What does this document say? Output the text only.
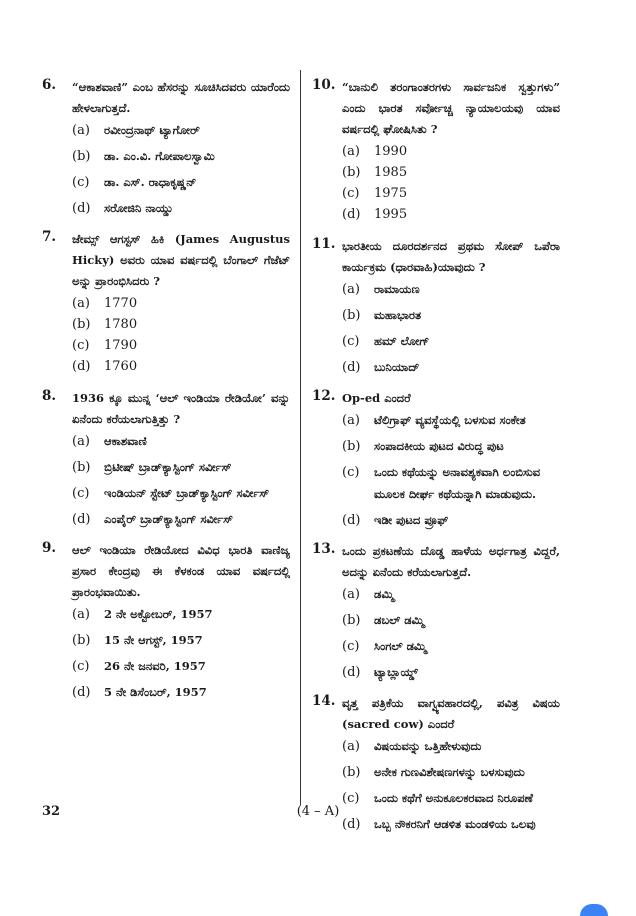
6. “ಆಕಾಶವಾಣಿ” ಎಂಬ ಹೆಸರನ್ನು ಸೂಚಿಸಿದವರು ಯಾರೆಂದು ಹೇಳಲಾಗುತ್ತದೆ.
(a)	ರವೀಂದ್ರನಾಥ್ ಟ್ಯಾಗೋರ್
(b)	ಡಾ. ಎಂ.ವಿ. ಗೋಪಾಲಸ್ವಾಮಿ
(c)	ಡಾ. ಎಸ್. ರಾಧಾಕೃಷ್ಣನ್
(d)	ಸರೋಜಿನಿ ನಾಯ್ಡು
7. ಜೇಮ್ಸ್ ಆಗಸ್ಟಸ್ ಹಿಕಿ (James Augustus Hicky) ಅವರು ಯಾವ ವರ್ಷದಲ್ಲಿ ಬೆಂಗಾಲ್ ಗೆಜೆಟ್ ಅನ್ನು ಪ್ರಾರಂಭಿಸಿದರು ?
(a)	1770
(b)	1780
(c)	1790
(d)	1760
8. 1936 ಕ್ಕೂ ಮುನ್ನ ‘ಆಲ್ ಇಂಡಿಯಾ ರೇಡಿಯೋ’ ವನ್ನು ಏನೆಂದು ಕರೆಯಲಾಗುತ್ತಿತ್ತು ?
(a)	ಆಕಾಶವಾಣಿ
(b)	ಬ್ರಿಟೀಷ್ ಬ್ರಾಡ್‌ಕ್ಯಾಸ್ಟಿಂಗ್ ಸರ್ವೀಸ್
(c)	ಇಂಡಿಯನ್ ಸ್ಟೇಟ್ ಬ್ರಾಡ್‌ಕ್ಯಾಸ್ಟಿಂಗ್ ಸರ್ವೀಸ್
(d)	ಎಂಪೈರ್ ಬ್ರಾಡ್‌ಕ್ಯಾಸ್ಟಿಂಗ್ ಸರ್ವೀಸ್
9. ಆಲ್ ಇಂಡಿಯಾ ರೇಡಿಯೋದ ವಿವಿಧ ಭಾರತಿ ವಾಣಿಜ್ಯ ಪ್ರಸಾರ ಕೇಂದ್ರವು ಈ ಕೆಳಕಂಡ ಯಾವ ವರ್ಷದಲ್ಲಿ ಪ್ರಾರಂಭವಾಯಿತು.
(a)	2 ನೇ ಅಕ್ಟೋಬರ್, 1957
(b)	15 ನೇ ಆಗಸ್ಟ್, 1957
(c)	26 ನೇ ಜನವರಿ, 1957
(d)	5 ನೇ ಡಿಸೆಂಬರ್, 1957
10. “ಬಾನುಲಿ ತರಂಗಾಂತರಗಳು ಸಾರ್ವಜನಿಕ ಸ್ವತ್ತುಗಳು” ಎಂದು ಭಾರತ ಸರ್ವೋಚ್ಚ ನ್ಯಾಯಾಲಯವು ಯಾವ ವರ್ಷದಲ್ಲಿ ಘೋಷಿಸಿತು ?
(a)	1990
(b)	1985
(c)	1975
(d)	1995
11. ಭಾರತೀಯ ದೂರದರ್ಶನದ ಪ್ರಥಮ ಸೋಪ್ ಒಪೆರಾ ಕಾರ್ಯಕ್ರಮ (ಧಾರವಾಹಿ)ಯಾವುದು ?
(a)	ರಾಮಾಯಣ
(b)	ಮಹಾಭಾರತ
(c)	ಹಮ್ ಲೋಗ್
(d)	ಬುನಿಯಾದ್
12. Op-ed ಎಂದರೆ
(a)	ಟೆಲಿಗ್ರಾಫ್ ವ್ಯವಸ್ಥೆಯಲ್ಲಿ ಬಳಸುವ ಸಂಕೇತ
(b)	ಸಂಪಾದಕೀಯ ಪುಟದ ವಿರುದ್ಧ ಪುಟ
(c)	ಒಂದು ಕಥೆಯನ್ನು ಅನಾವಶ್ಯಕವಾಗಿ ಲಂಬಿಸುವ ಮೂಲಕ ದೀರ್ಘ ಕಥೆಯನ್ನಾಗಿ ಮಾಡುವುದು.
(d)	ಇಡೀ ಪುಟದ ಪ್ರೂಫ್
13. ಒಂದು ಪ್ರಕಟಣೆಯ ದೊಡ್ಡ ಹಾಳೆಯ ಅರ್ಧಗಾತ್ರ ವಿದ್ದರೆ, ಅದನ್ನು ಏನೆಂದು ಕರೆಯಲಾಗುತ್ತದೆ.
(a)	ಡಮ್ಮಿ
(b)	ಡಬಲ್ ಡಮ್ಮಿ
(c)	ಸಿಂಗಲ್ ಡಮ್ಮಿ
(d)	ಟ್ಯಾಬ್ಲಾಯ್ಡ್
14. ವೃತ್ತ ಪತ್ರಿಕೆಯ ವಾಗ್ವ್ಯವಹಾರದಲ್ಲಿ, ಪವಿತ್ರ ವಿಷಯ (sacred cow) ಎಂದರೆ
(a)	ವಿಷಯವನ್ನು ಒತ್ತಿಹೇಳುವುದು
(b)	ಅನೇಕ ಗುಣವಿಶೇಷಣಗಳನ್ನು ಬಳಸುವುದು
(c)	ಒಂದು ಕಥೆಗೆ ಅನುಕೂಲಕರವಾದ ನಿರೂಪಣೆ
(d)	ಒಬ್ಬ ನೌಕರನಿಗೆ ಆಡಳಿತ ಮಂಡಳಿಯ ಒಲವು
32	(4 – A)
